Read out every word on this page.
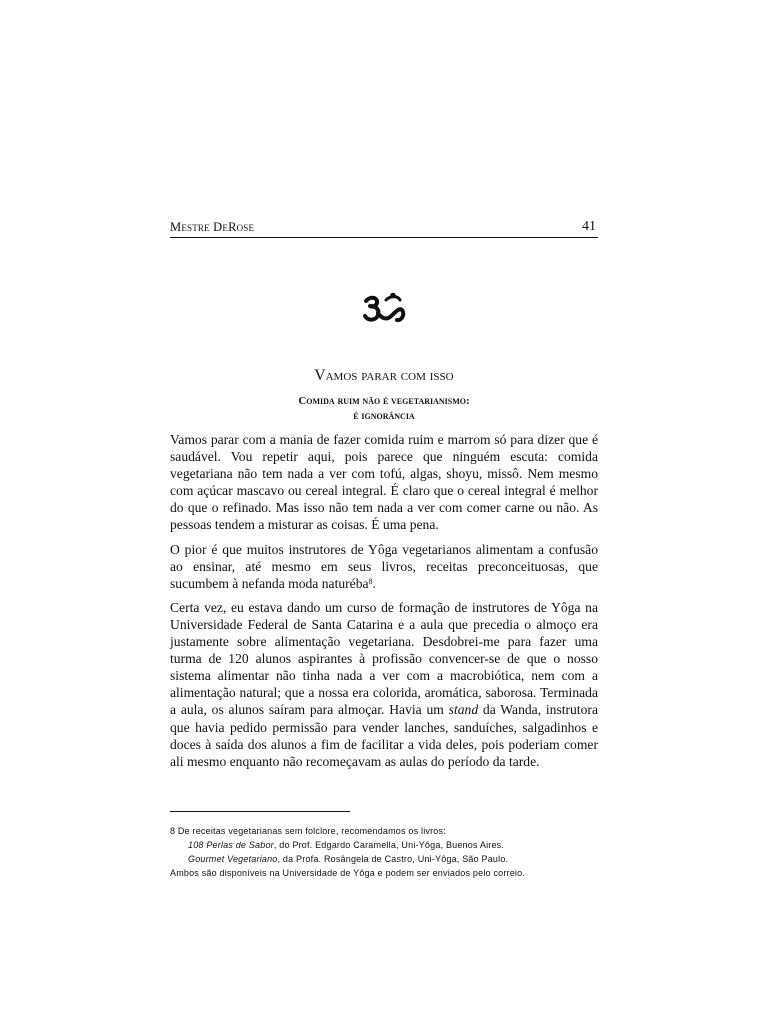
Mestre DeRose	41
Vamos parar com isso
Comida ruim não é vegetarianismo:
é ignorância

Vamos parar com a mania de fazer comida ruim e marrom só para dizer que é saudável. Vou repetir aqui, pois parece que ninguém escuta: comida vegetariana não tem nada a ver com tofú, algas, shoyu, missô. Nem mesmo com açúcar mascavo ou cereal integral. É claro que o cereal integral é melhor do que o refinado. Mas isso não tem nada a ver com comer carne ou não. As pessoas tendem a misturar as coisas. É uma pena.

O pior é que muitos instrutores de Yôga vegetarianos alimentam a confusão ao ensinar, até mesmo em seus livros, receitas preconceituosas, que sucumbem à nefanda moda naturéba$^8$.

Certa vez, eu estava dando um curso de formação de instrutores de Yôga na Universidade Federal de Santa Catarina e a aula que precedia o almoço era justamente sobre alimentação vegetariana. Desdobrei-me para fazer uma turma de 120 alunos aspirantes à profissão convencer-se de que o nosso sistema alimentar não tinha nada a ver com a macrobiótica, nem com a alimentação natural; que a nossa era colorida, aromática, saborosa. Terminada a aula, os alunos saíram para almoçar. Havia um stand da Wanda, instrutora que havia pedido permissão para vender lanches, sanduíches, salgadinhos e doces à saída dos alunos a fim de facilitar a vida deles, pois poderiam comer ali mesmo enquanto não recomeçavam as aulas do período da tarde.

8 De receitas vegetarianas sem folclore, recomendamos os livros:
108 Perlas de Sabor, do Prof. Edgardo Caramella, Uni-Yôga, Buenos Aires.
Gourmet Vegetariano, da Profa. Rosângela de Castro, Uni-Yôga, São Paulo.
Ambos são disponíveis na Universidade de Yôga e podem ser enviados pelo correio.
